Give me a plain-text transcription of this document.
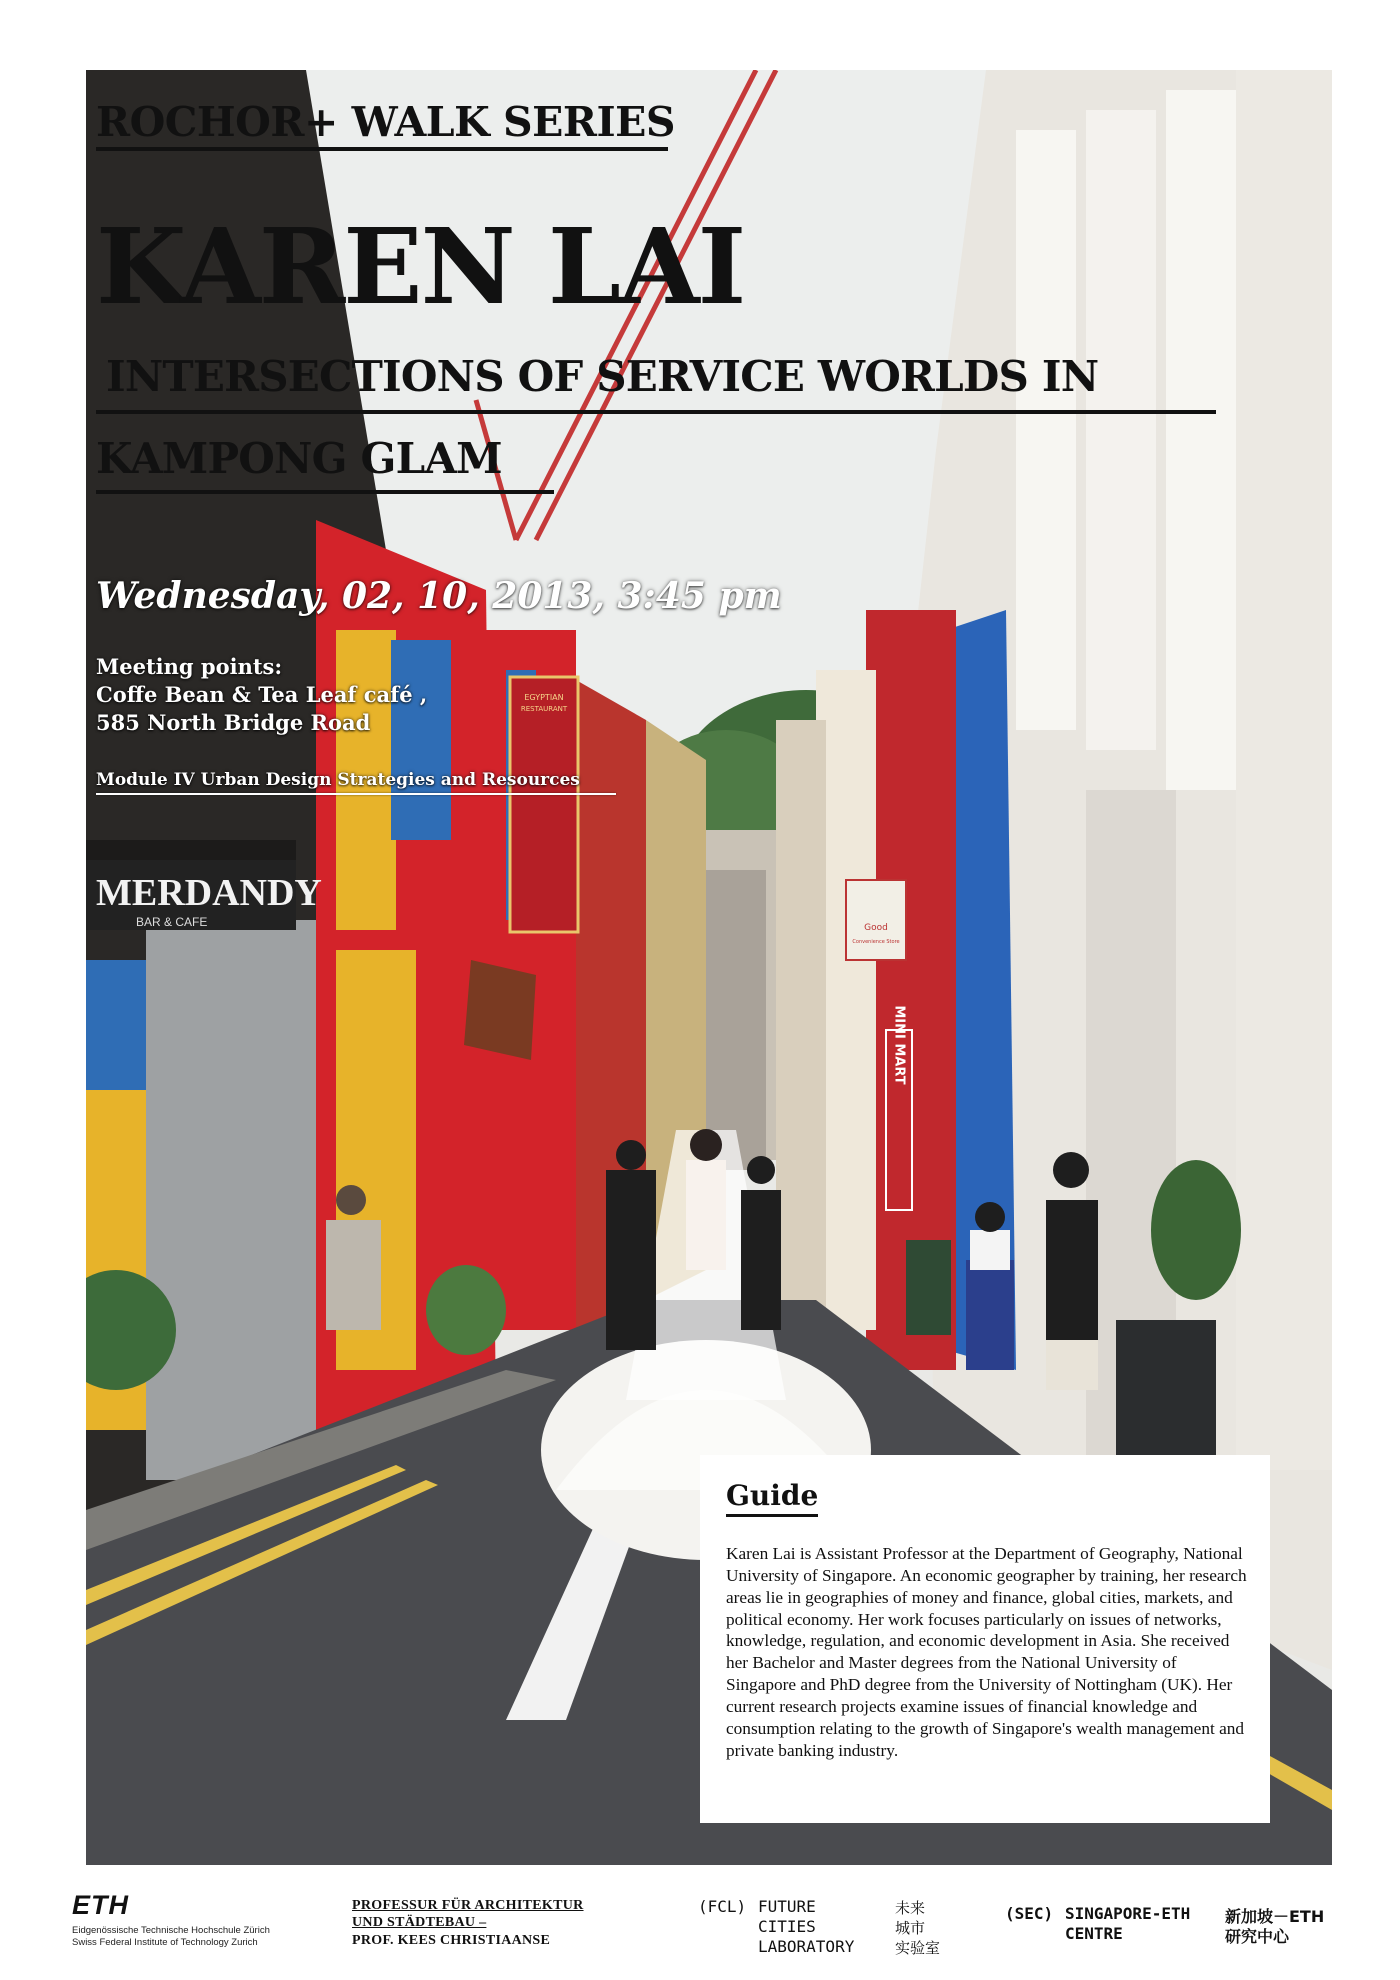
EGYPTIAN
RESTAURANT
MERDANDY
BAR & CAFE
MINI MART
Good
Convenience Store
ROCHOR+ WALK SERIES
KAREN LAI
INTERSECTIONS OF SERVICE WORLDS IN
KAMPONG GLAM
Wednesday, 02, 10, 2013, 3:45 pm
Meeting points:
Coffe Bean & Tea Leaf café ,
585 North Bridge Road
Module IV Urban Design Strategies and Resources
Guide

Karen Lai is Assistant Professor at the Department of Geography, National University of Singapore. An economic geographer by training, her research areas lie in geographies of money and finance, global cities, markets, and political economy. Her work focuses particularly on issues of networks, knowledge, regulation, and economic development in Asia. She received her Bachelor and Master degrees from the National University of Singapore and PhD degree from the University of Nottingham (UK). Her current research projects examine issues of financial knowledge and consumption relating to the growth of Singapore's wealth management and private banking industry.

ETH
Eidgenössische Technische Hochschule Zürich
Swiss Federal Institute of Technology Zurich
PROFESSUR FÜR ARCHITEKTUR
UND STÄDTEBAU –
PROF. KEES CHRISTIAANSE
(FCL) FUTURE
CITIES
LABORATORY
未来
城市
实验室
(SEC) SINGAPORE-ETH
CENTRE
新加坡－ETH
研究中心
